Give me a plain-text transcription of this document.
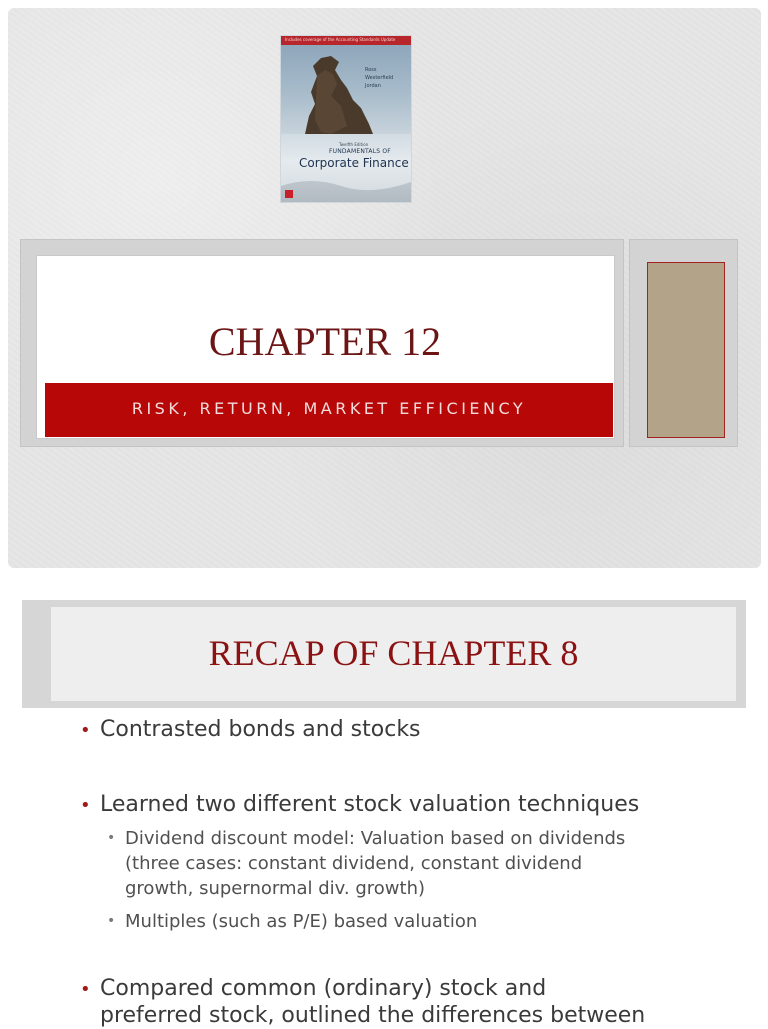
Includes coverage of the Accounting Standards Update
Ross
Westerfield
Jordan
Twelfth Edition
FUNDAMENTALS OF
Corporate Finance
CHAPTER 12
RISK, RETURN, MARKET EFFICIENCY
RECAP OF CHAPTER 8
• Contrasted bonds and stocks
• Learned two different stock valuation techniques
• Dividend discount model: Valuation based on dividends
(three cases: constant dividend, constant dividend
growth, supernormal div. growth)
• Multiples (such as P/E) based valuation
• Compared common (ordinary) stock and
preferred stock, outlined the differences between
